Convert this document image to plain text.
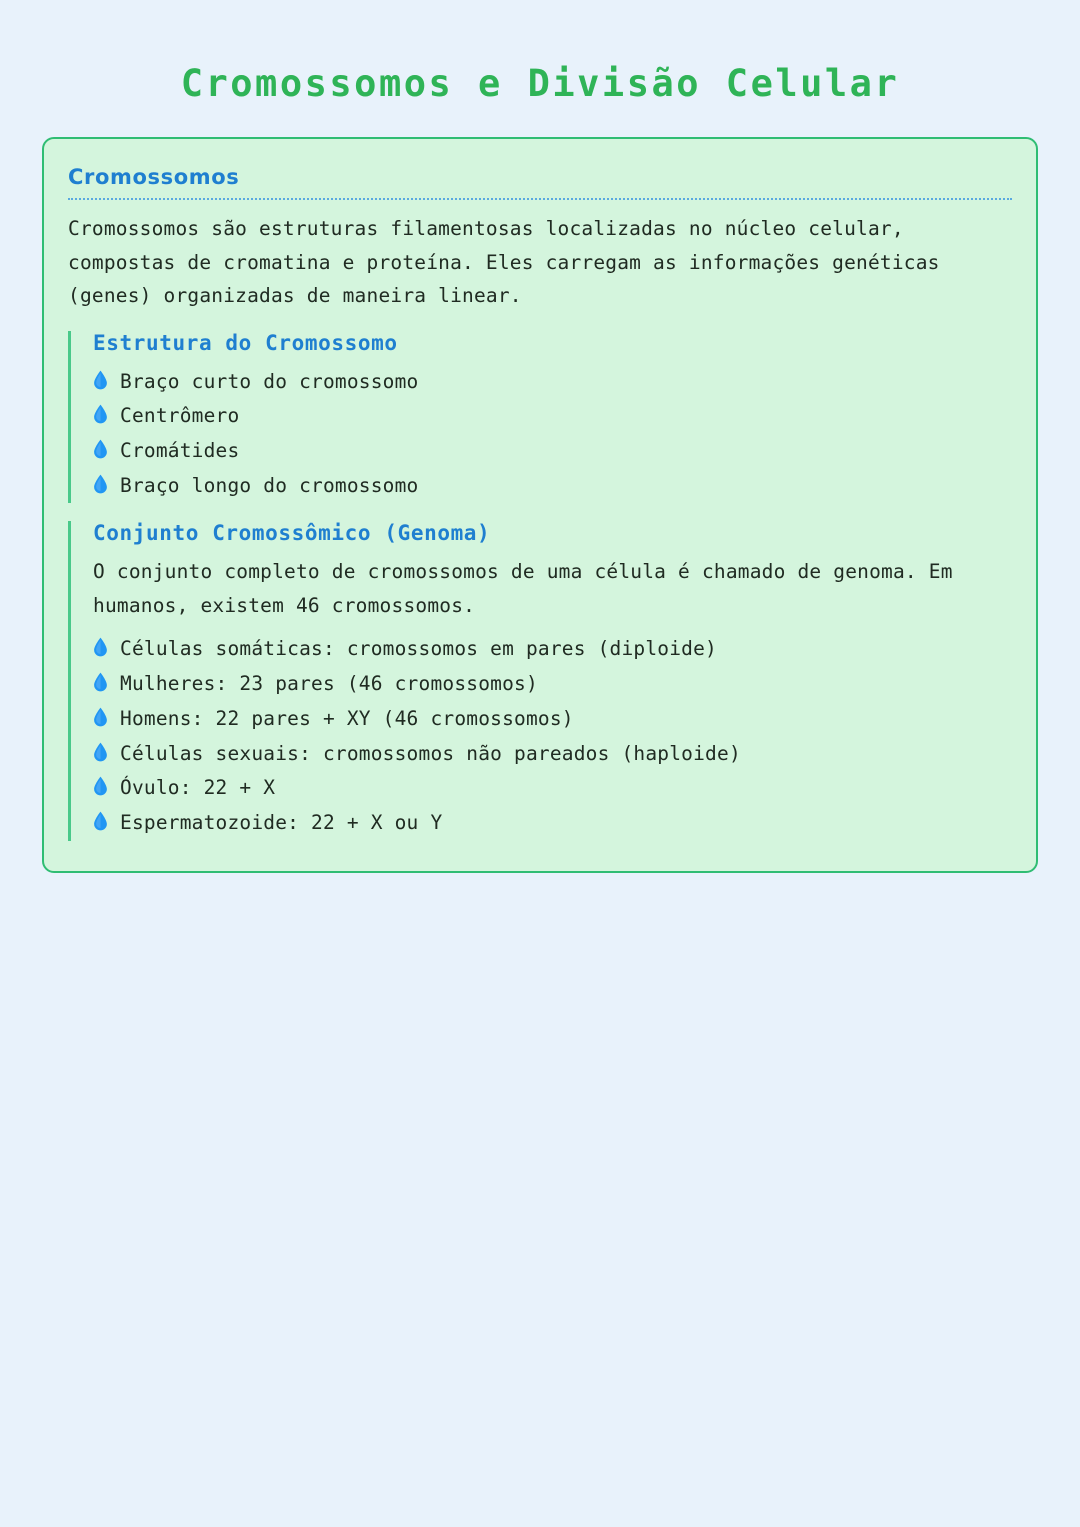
Cromossomos e Divisão Celular
Cromossomos

Cromossomos são estruturas filamentosas localizadas no núcleo celular, compostas de cromatina e proteína. Eles carregam as informações genéticas (genes) organizadas de maneira linear.

Estrutura do Cromossomo
Braço curto do cromossomo
Centrômero
Cromátides
Braço longo do cromossomo
Conjunto Cromossômico (Genoma)

O conjunto completo de cromossomos de uma célula é chamado de genoma. Em humanos, existem 46 cromossomos.

Células somáticas: cromossomos em pares (diploide)
Mulheres: 23 pares (46 cromossomos)
Homens: 22 pares + XY (46 cromossomos)
Células sexuais: cromossomos não pareados (haploide)
Óvulo: 22 + X
Espermatozoide: 22 + X ou Y
